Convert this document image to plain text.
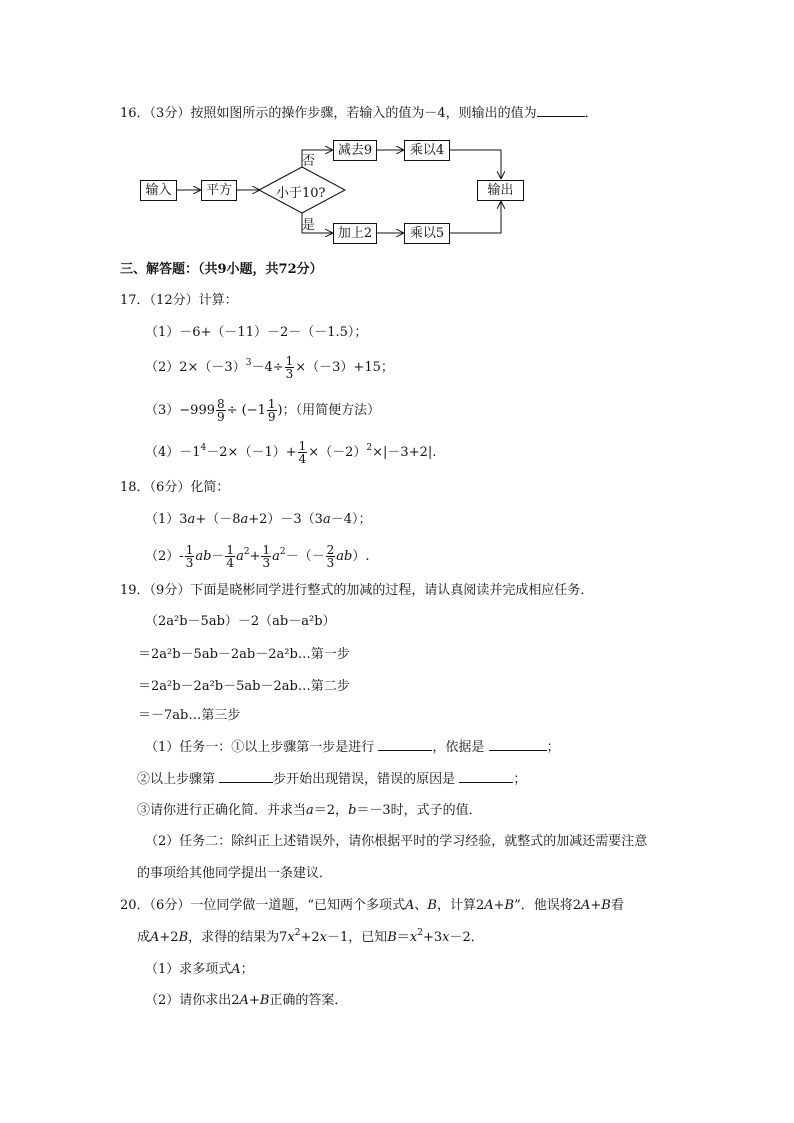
16．（3分）按照如图所示的操作步骤，若输入的值为－4，则输出的值为	．
输入	平方	小于10?
否
是
减去9	乘以4
加上2	乘以5
输出
三、解答题：（共9小题，共72分）
17．（12分）计算：
（1）－6+（－11）－2－（－1.5）；
$(2)2\times(-3)^3-4\div \frac{1}{3} \times(-3)+15$；
$(3)-999 \frac{8}{9} \div (-1 \frac{1}{9}$ )；（用简便方法）
$(4)-1^4-2\times(-1)+ \frac{1}{4} \times(-2)^2\times|-3+2|$.
18．（6分）化简：
（1）3a+（－8a+2）－3（3a－4）；
$(2)- \frac{1}{3} ab- \frac{1}{4} a^2+ \frac{1}{3} a^2-(- \frac{2}{3} ab)$.
19．（9分）下面是晓彬同学进行整式的加减的过程，请认真阅读并完成相应任务．
（2a²b－5ab）－2（ab－a²b）
＝2a²b－5ab－2ab－2a²b…第一步
＝2a²b－2a²b－5ab－2ab…第二步
＝－7ab…第三步
（1）任务一：①以上步骤第一步是进行	，依据是	；
②以上步骤第	步开始出现错误，错误的原因是	；
③请你进行正确化简．并求当a＝2，b＝－3时，式子的值．
（2）任务二：除纠正上述错误外，请你根据平时的学习经验，就整式的加减还需要注意
的事项给其他同学提出一条建议．
20．（6分）一位同学做一道题，“已知两个多项式A、B，计算2A+B”．他误将2A+B看
成A+2B，求得的结果为$7x^2+2x-1$，已知$B=x^2+3x-2$．
（1）求多项式A；
（2）请你求出2A+B正确的答案．
